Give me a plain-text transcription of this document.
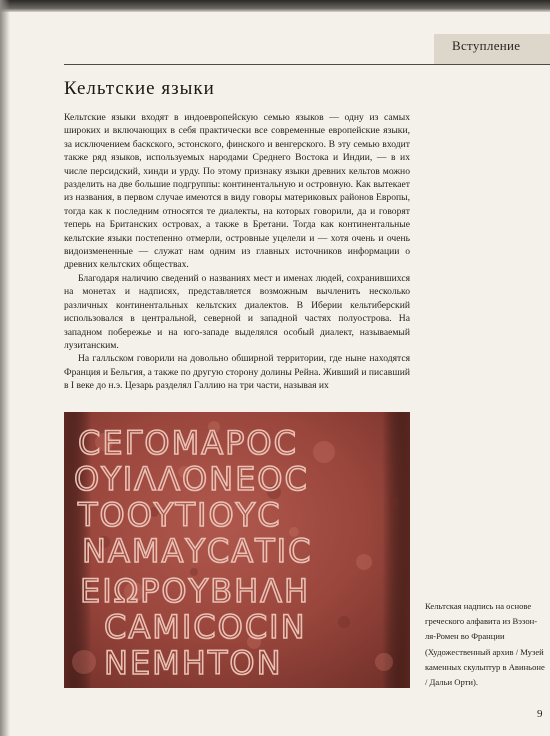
Вступление
Кельтские языки

Кельтские языки входят в индоевропейскую семью языков — одну из самых широких и включающих в себя практически все современные европейские языки, за исключением баскского, эстонского, финского и венгерского. В эту семью входит также ряд языков, используемых народами Среднего Востока и Индии, — в их числе персидский, хинди и урду. По этому признаку языки древних кельтов можно разделить на две большие подгруппы: континентальную и островную. Как вытекает из названия, в первом случае имеются в виду говоры материковых районов Европы, тогда как к последним относятся те диалекты, на которых говорили, да и говорят теперь на Британских островах, а также в Бретани. Тогда как континентальные кельтские языки постепенно отмерли, островные уцелели и — хотя очень и очень видоизмененные — служат нам одним из главных источников информации о древних кельтских обществах.

Благодаря наличию сведений о названиях мест и именах людей, сохранившихся на монетах и надписях, представляется возможным вычленить несколько различных континентальных кельтских диалектов. В Иберии кельтиберский использовался в центральной, северной и западной частях полуострова. На западном побережье и на юго-западе выделялся особый диалект, называемый лузитанским.

На галльском говорили на довольно обширной территории, где ныне находятся Франция и Бельгия, а также по другую сторону долины Рейна. Живший и писавший в I веке до н.э. Цезарь разделял Галлию на три части, называя их

ϹΕΓΟΜΑΡΟϹ
ΟΥΙΛΛΟΝΕΟϹ
ΤΟΟΥΤΙΟΥϹ
ΝΑΜΑΥϹΑΤΙϹ
ΕΙΩΡΟΥΒΗΛΗ
ϹΑΜΙϹΟϹΙΝ
ΝΕΜΗΤΟΝ
Кельтская надпись на основе греческого алфавита из Вэзон-ля-Ромен во Франции (Художественный архив / Музей каменных скульптур в Авиньоне / Дальи Орти).
9
